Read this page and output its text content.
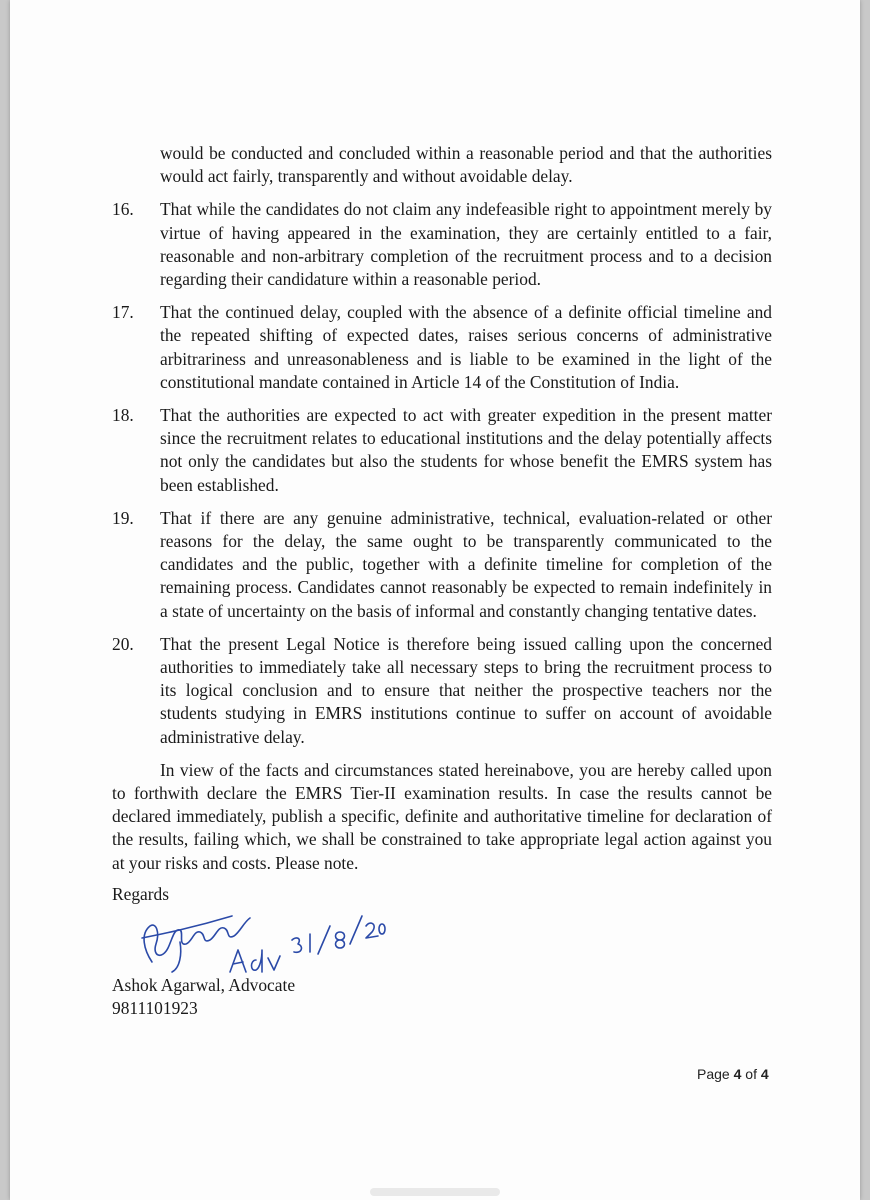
would be conducted and concluded within a reasonable period and that the authorities would act fairly, transparently and without avoidable delay.

16.	That while the candidates do not claim any indefeasible right to appointment merely by virtue of having appeared in the examination, they are certainly entitled to a fair, reasonable and non-arbitrary completion of the recruitment process and to a decision regarding their candidature within a reasonable period.
17.	That the continued delay, coupled with the absence of a definite official timeline and the repeated shifting of expected dates, raises serious concerns of administrative arbitrariness and unreasonableness and is liable to be examined in the light of the constitutional mandate contained in Article 14 of the Constitution of India.
18.	That the authorities are expected to act with greater expedition in the present matter since the recruitment relates to educational institutions and the delay potentially affects not only the candidates but also the students for whose benefit the EMRS system has been established.
19.	That if there are any genuine administrative, technical, evaluation-related or other reasons for the delay, the same ought to be transparently communicated to the candidates and the public, together with a definite timeline for completion of the remaining process. Candidates cannot reasonably be expected to remain indefinitely in a state of uncertainty on the basis of informal and constantly changing tentative dates.
20.	That the present Legal Notice is therefore being issued calling upon the concerned authorities to immediately take all necessary steps to bring the recruitment process to its logical conclusion and to ensure that neither the prospective teachers nor the students studying in EMRS institutions continue to suffer on account of avoidable administrative delay.

In view of the facts and circumstances stated hereinabove, you are hereby called upon to forthwith declare the EMRS Tier-II examination results. In case the results cannot be declared immediately, publish a specific, definite and authoritative timeline for declaration of the results, failing which, we shall be constrained to take appropriate legal action against you at your risks and costs. Please note.

Regards

Ashok Agarwal, Advocate

9811101923

Page 4 of 4
